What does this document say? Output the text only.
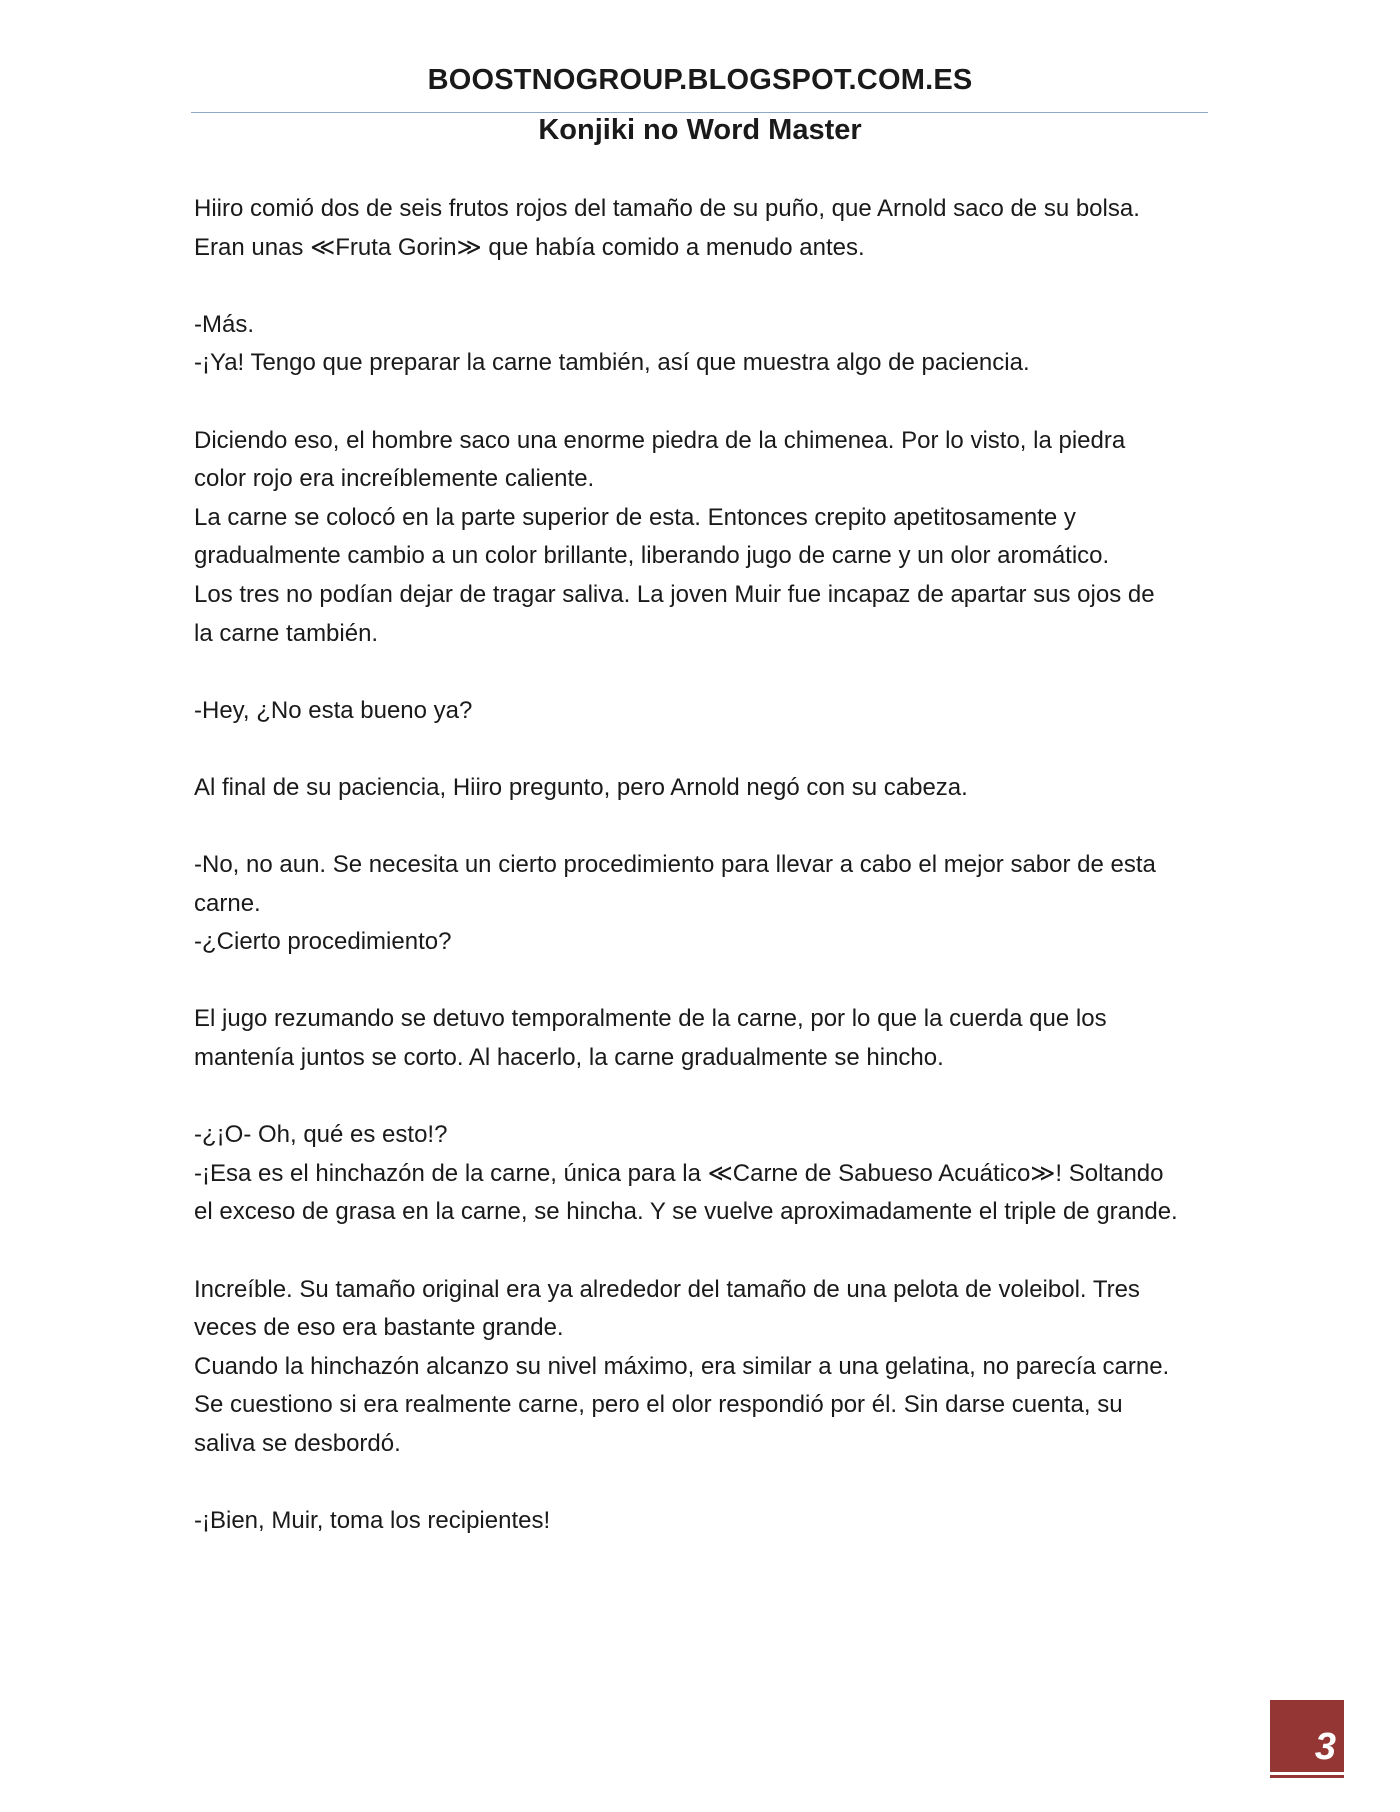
BOOSTNOGROUP.BLOGSPOT.COM.ES
Konjiki no Word Master

Hiiro comió dos de seis frutos rojos del tamaño de su puño, que Arnold saco de su bolsa.

Eran unas ≪Fruta Gorin≫ que había comido a menudo antes.

-Más.

-¡Ya! Tengo que preparar la carne también, así que muestra algo de paciencia.

Diciendo eso, el hombre saco una enorme piedra de la chimenea. Por lo visto, la piedra

color rojo era increíblemente caliente.

La carne se colocó en la parte superior de esta. Entonces crepito apetitosamente y

gradualmente cambio a un color brillante, liberando jugo de carne y un olor aromático.

Los tres no podían dejar de tragar saliva. La joven Muir fue incapaz de apartar sus ojos de

la carne también.

-Hey, ¿No esta bueno ya?

Al final de su paciencia, Hiiro pregunto, pero Arnold negó con su cabeza.

-No, no aun. Se necesita un cierto procedimiento para llevar a cabo el mejor sabor de esta

carne.

-¿Cierto procedimiento?

El jugo rezumando se detuvo temporalmente de la carne, por lo que la cuerda que los

mantenía juntos se corto. Al hacerlo, la carne gradualmente se hincho.

-¿¡O- Oh, qué es esto!?

-¡Esa es el hinchazón de la carne, única para la ≪Carne de Sabueso Acuático≫! Soltando

el exceso de grasa en la carne, se hincha. Y se vuelve aproximadamente el triple de grande.

Increíble. Su tamaño original era ya alrededor del tamaño de una pelota de voleibol. Tres

veces de eso era bastante grande.

Cuando la hinchazón alcanzo su nivel máximo, era similar a una gelatina, no parecía carne.

Se cuestiono si era realmente carne, pero el olor respondió por él. Sin darse cuenta, su

saliva se desbordó.

-¡Bien, Muir, toma los recipientes!

3
